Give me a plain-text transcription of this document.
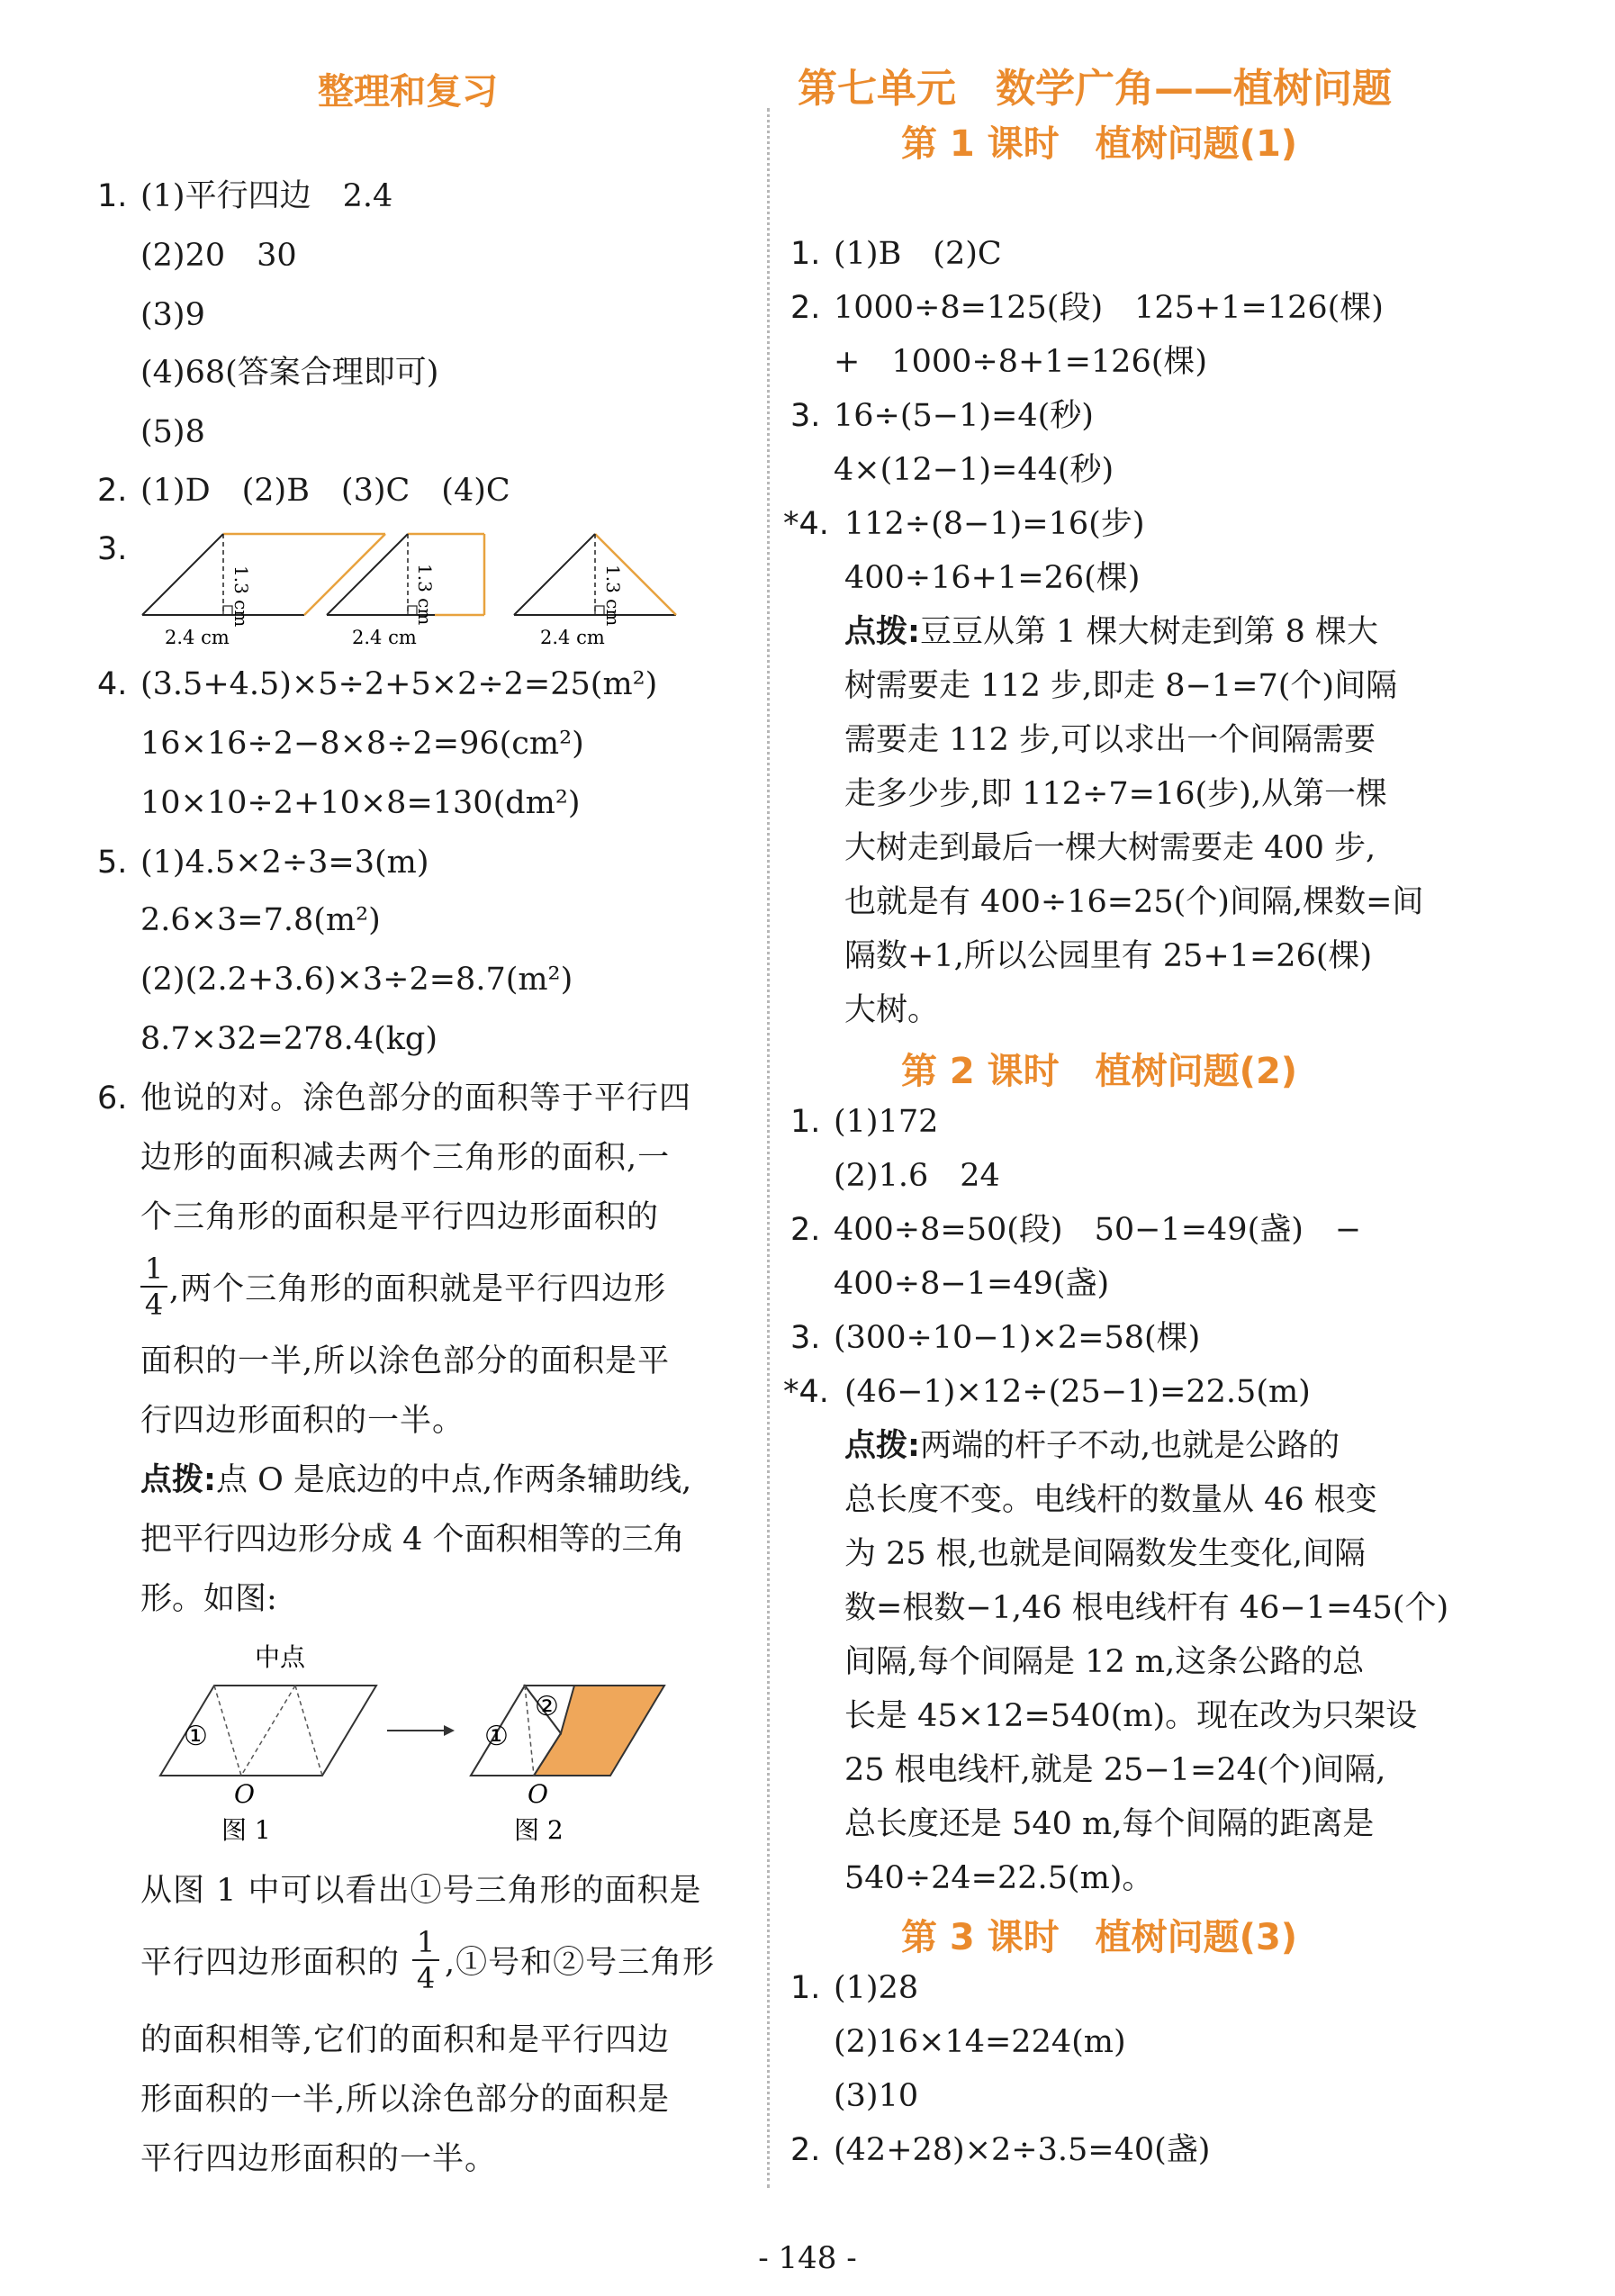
整理和复习
1. (1)平行四边　2.4
(2)20　30
(3)9
(4)68(答案合理即可)
(5)8
2. (1)D　(2)B　(3)C　(4)C
3.
1.3 cm
2.4 cm
1.3 cm
2.4 cm
1.3 cm
2.4 cm
4. (3.5+4.5)×5÷2+5×2÷2=25(m²)
16×16÷2−8×8÷2=96(cm²)
10×10÷2+10×8=130(dm²)
5. (1)4.5×2÷3=3(m)
2.6×3=7.8(m²)
(2)(2.2+3.6)×3÷2=8.7(m²)
8.7×32=278.4(kg)
6. 他说的对。涂色部分的面积等于平行四
边形的面积减去两个三角形的面积,一
个三角形的面积是平行四边形面积的
1
4 ,两个三角形的面积就是平行四边形
面积的一半,所以涂色部分的面积是平
行四边形面积的一半。
点拨:点 O 是底边的中点,作两条辅助线,
把平行四边形分成 4 个面积相等的三角
形。如图:
中点
①
O
图 1
①
②
O
图 2
从图 1 中可以看出①号三角形的面积是
平行四边形面积的
1
4 ,①号和②号三角形
的面积相等,它们的面积和是平行四边
形面积的一半,所以涂色部分的面积是
平行四边形面积的一半。
第七单元　数学广角——植树问题
第 1 课时　植树问题(1)
1. (1)B　(2)C
2. 1000÷8=125(段)　125+1=126(棵)
+　1000÷8+1=126(棵)
3. 16÷(5−1)=4(秒)
4×(12−1)=44(秒)
*4. 112÷(8−1)=16(步)
400÷16+1=26(棵)
点拨:豆豆从第 1 棵大树走到第 8 棵大
树需要走 112 步,即走 8−1=7(个)间隔
需要走 112 步,可以求出一个间隔需要
走多少步,即 112÷7=16(步),从第一棵
大树走到最后一棵大树需要走 400 步,
也就是有 400÷16=25(个)间隔,棵数=间
隔数+1,所以公园里有 25+1=26(棵)
大树。
第 2 课时　植树问题(2)
1. (1)172
(2)1.6　24
2. 400÷8=50(段)　50−1=49(盏)　−
400÷8−1=49(盏)
3. (300÷10−1)×2=58(棵)
*4. (46−1)×12÷(25−1)=22.5(m)
点拨:两端的杆子不动,也就是公路的
总长度不变。电线杆的数量从 46 根变
为 25 根,也就是间隔数发生变化,间隔
数=根数−1,46 根电线杆有 46−1=45(个)
间隔,每个间隔是 12 m,这条公路的总
长是 45×12=540(m)。现在改为只架设
25 根电线杆,就是 25−1=24(个)间隔,
总长度还是 540 m,每个间隔的距离是
540÷24=22.5(m)。
第 3 课时　植树问题(3)
1. (1)28
(2)16×14=224(m)
(3)10
2. (42+28)×2÷3.5=40(盏)
- 148 -
